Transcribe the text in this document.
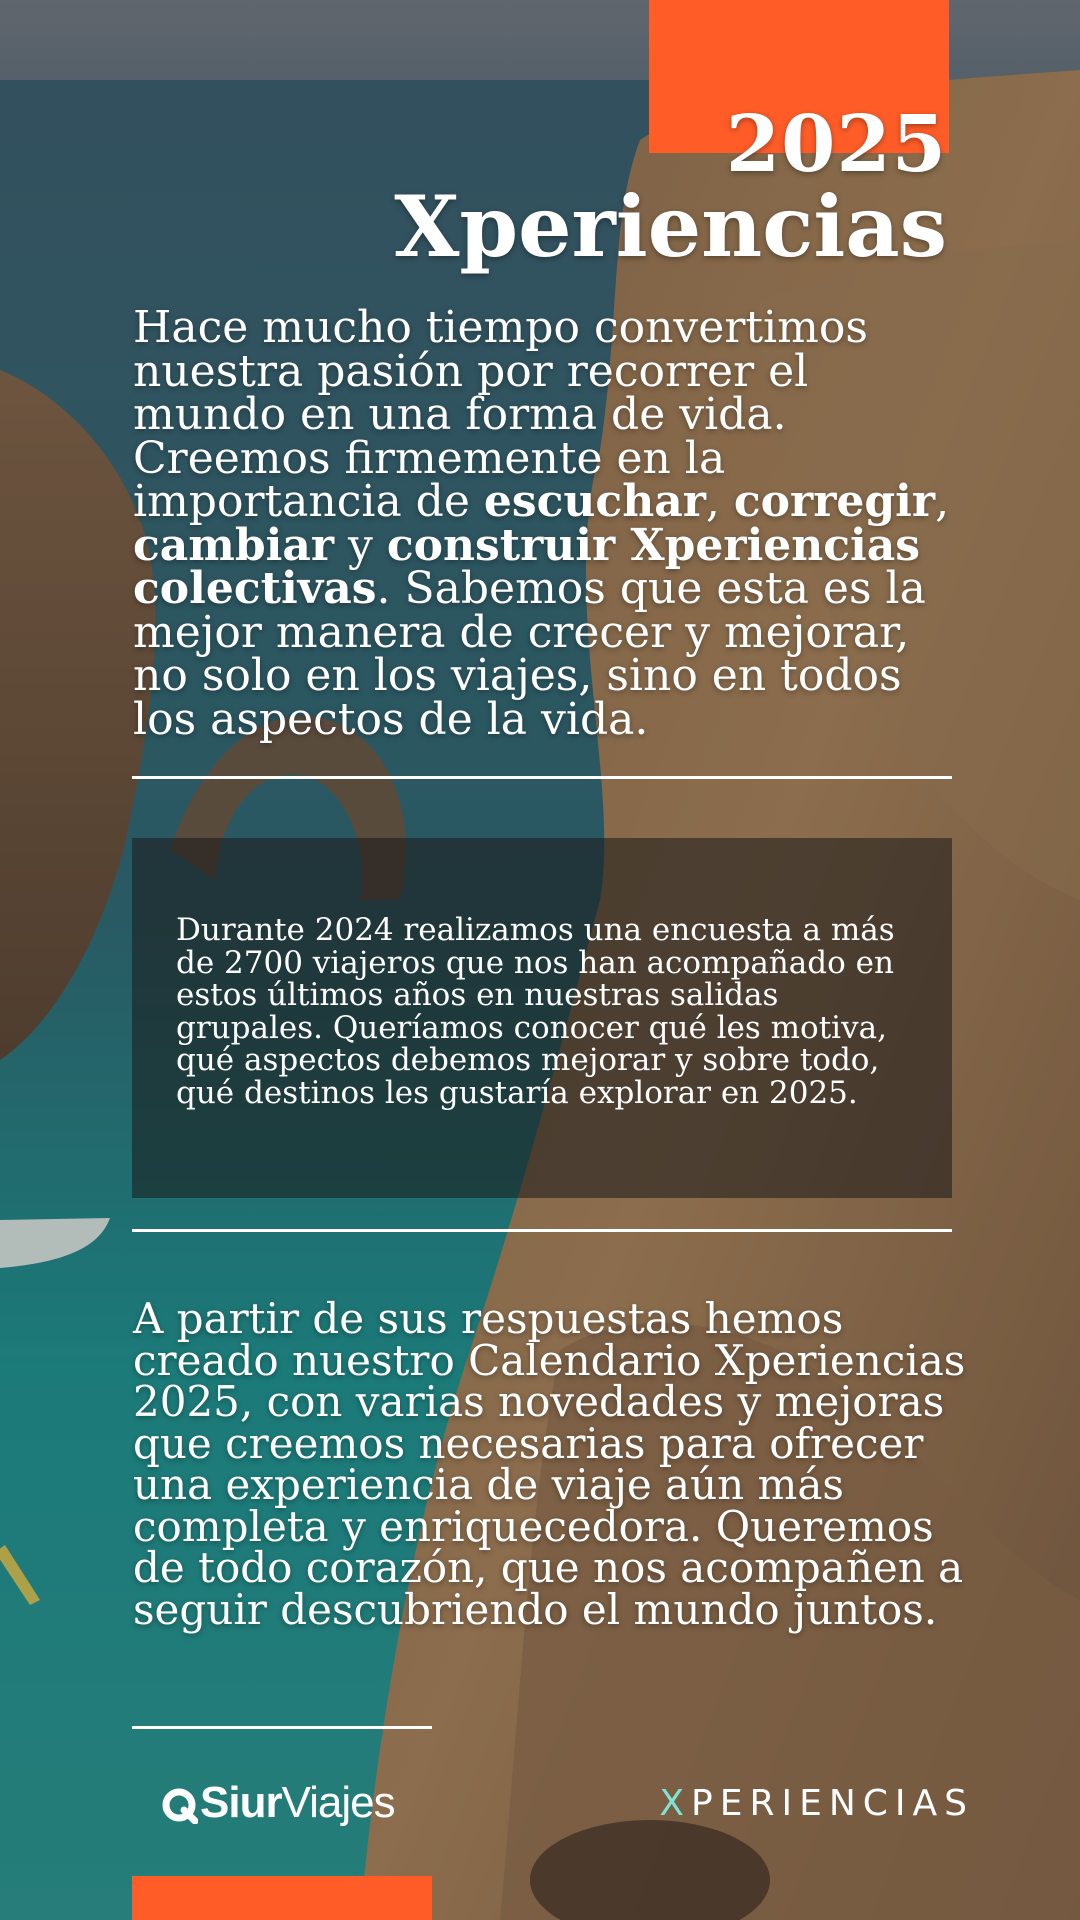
2025
Xperiencias

Hace mucho tiempo convertimos nuestra pasión por recorrer el mundo en una forma de vida. Creemos firmemente en la importancia de escuchar, corregir, cambiar y construir Xperiencias colectivas. Sabemos que esta es la mejor manera de crecer y mejorar, no solo en los viajes, sino en todos los aspectos de la vida.

Durante 2024 realizamos una encuesta a más de 2700 viajeros que nos han acompañado en estos últimos años en nuestras salidas grupales. Queríamos conocer qué les motiva, qué aspectos debemos mejorar y sobre todo, qué destinos les gustaría explorar en 2025.

A partir de sus respuestas hemos creado nuestro Calendario Xperiencias 2025, con varias novedades y mejoras que creemos necesarias para ofrecer una experiencia de viaje aún más completa y enriquecedora. Queremos de todo corazón, que nos acompañen a seguir descubriendo el mundo juntos.

Siur Viajes	XPERIENCIAS
